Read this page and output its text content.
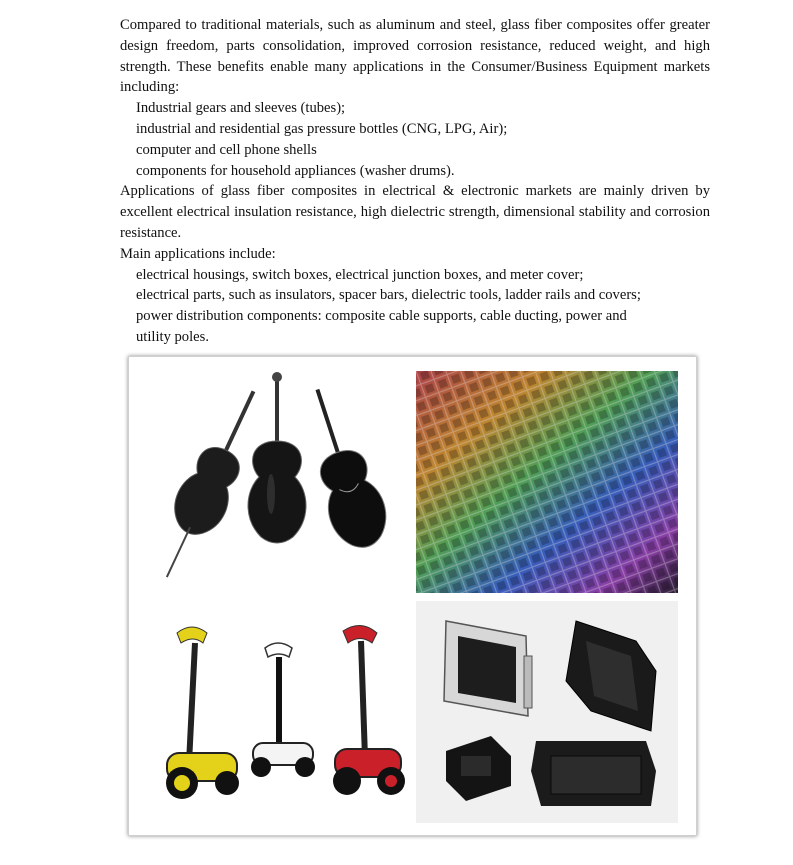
Compared to traditional materials, such as aluminum and steel, glass fiber composites offer greater design freedom, parts consolidation, improved corrosion resistance, reduced weight, and high strength. These benefits enable many applications in the Consumer/Business Equipment markets including:

Industrial gears and sleeves (tubes);

industrial and residential gas pressure bottles (CNG, LPG, Air);

computer and cell phone shells

components for household appliances (washer drums).

Applications of glass fiber composites in electrical & electronic markets are mainly driven by excellent electrical insulation resistance, high dielectric strength, dimensional stability and corrosion resistance.

Main applications include:

electrical housings, switch boxes, electrical junction boxes, and meter cover;

electrical parts, such as insulators, spacer bars, dielectric tools, ladder rails and covers;

power distribution components: composite cable supports, cable ducting, power and

utility poles.
